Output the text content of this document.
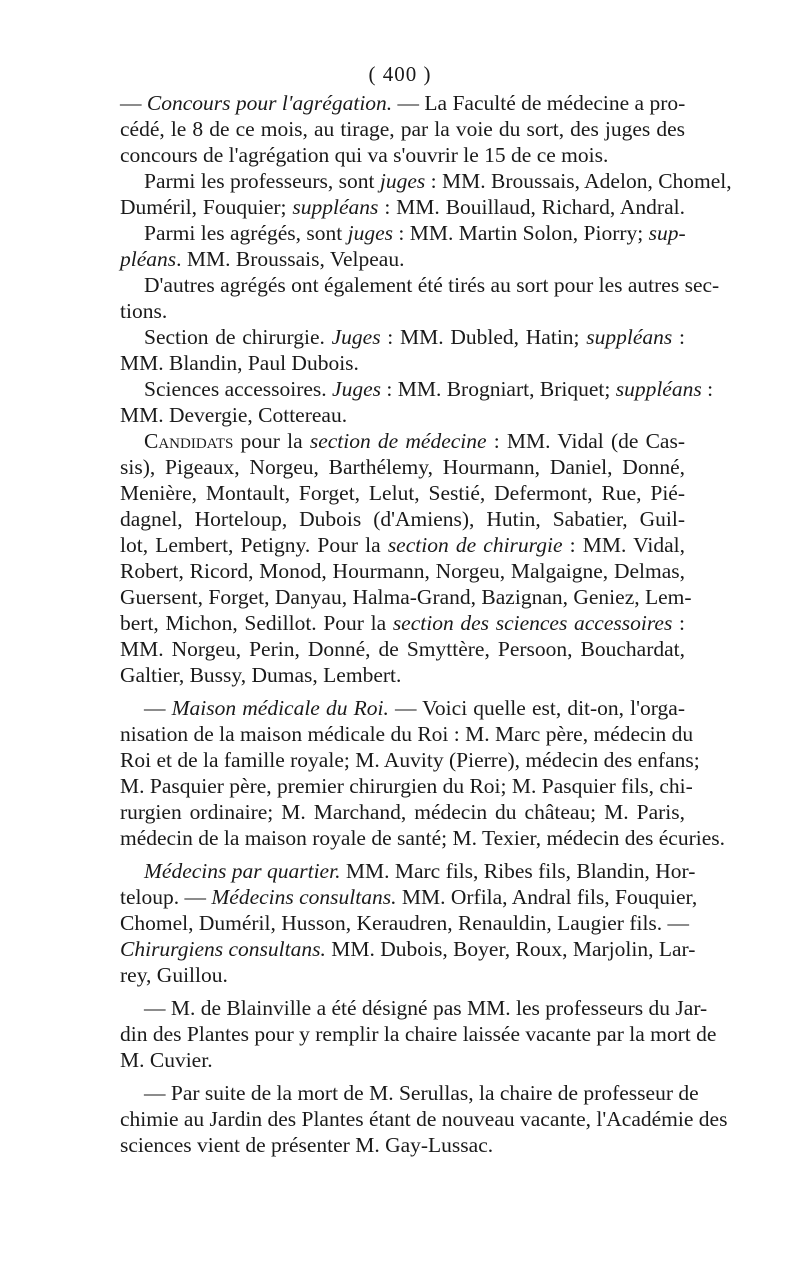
( 400 )
— Concours pour l'agrégation. — La Faculté de médecine a pro-
cédé, le 8 de ce mois, au tirage, par la voie du sort, des juges des
concours de l'agrégation qui va s'ouvrir le 15 de ce mois.
Parmi les professeurs, sont juges : MM. Broussais, Adelon, Chomel,
Duméril, Fouquier; suppléans : MM. Bouillaud, Richard, Andral.
Parmi les agrégés, sont juges : MM. Martin Solon, Piorry; sup-
pléans. MM. Broussais, Velpeau.
D'autres agrégés ont également été tirés au sort pour les autres sec-
tions.
Section de chirurgie. Juges : MM. Dubled, Hatin; suppléans :
MM. Blandin, Paul Dubois.
Sciences accessoires. Juges : MM. Brogniart, Briquet; suppléans :
MM. Devergie, Cottereau.
Candidats pour la section de médecine : MM. Vidal (de Cas-
sis), Pigeaux, Norgeu, Barthélemy, Hourmann, Daniel, Donné,
Menière, Montault, Forget, Lelut, Sestié, Defermont, Rue, Pié-
dagnel, Horteloup, Dubois (d'Amiens), Hutin, Sabatier, Guil-
lot, Lembert, Petigny. Pour la section de chirurgie : MM. Vidal,
Robert, Ricord, Monod, Hourmann, Norgeu, Malgaigne, Delmas,
Guersent, Forget, Danyau, Halma-Grand, Bazignan, Geniez, Lem-
bert, Michon, Sedillot. Pour la section des sciences accessoires :
MM. Norgeu, Perin, Donné, de Smyttère, Persoon, Bouchardat,
Galtier, Bussy, Dumas, Lembert.
— Maison médicale du Roi. — Voici quelle est, dit-on, l'orga-
nisation de la maison médicale du Roi : M. Marc père, médecin du
Roi et de la famille royale; M. Auvity (Pierre), médecin des enfans;
M. Pasquier père, premier chirurgien du Roi; M. Pasquier fils, chi-
rurgien ordinaire; M. Marchand, médecin du château; M. Paris,
médecin de la maison royale de santé; M. Texier, médecin des écuries.
Médecins par quartier. MM. Marc fils, Ribes fils, Blandin, Hor-
teloup. — Médecins consultans. MM. Orfila, Andral fils, Fouquier,
Chomel, Duméril, Husson, Keraudren, Renauldin, Laugier fils. —
Chirurgiens consultans. MM. Dubois, Boyer, Roux, Marjolin, Lar-
rey, Guillou.
— M. de Blainville a été désigné pas MM. les professeurs du Jar-
din des Plantes pour y remplir la chaire laissée vacante par la mort de
M. Cuvier.
— Par suite de la mort de M. Serullas, la chaire de professeur de
chimie au Jardin des Plantes étant de nouveau vacante, l'Académie des
sciences vient de présenter M. Gay-Lussac.
